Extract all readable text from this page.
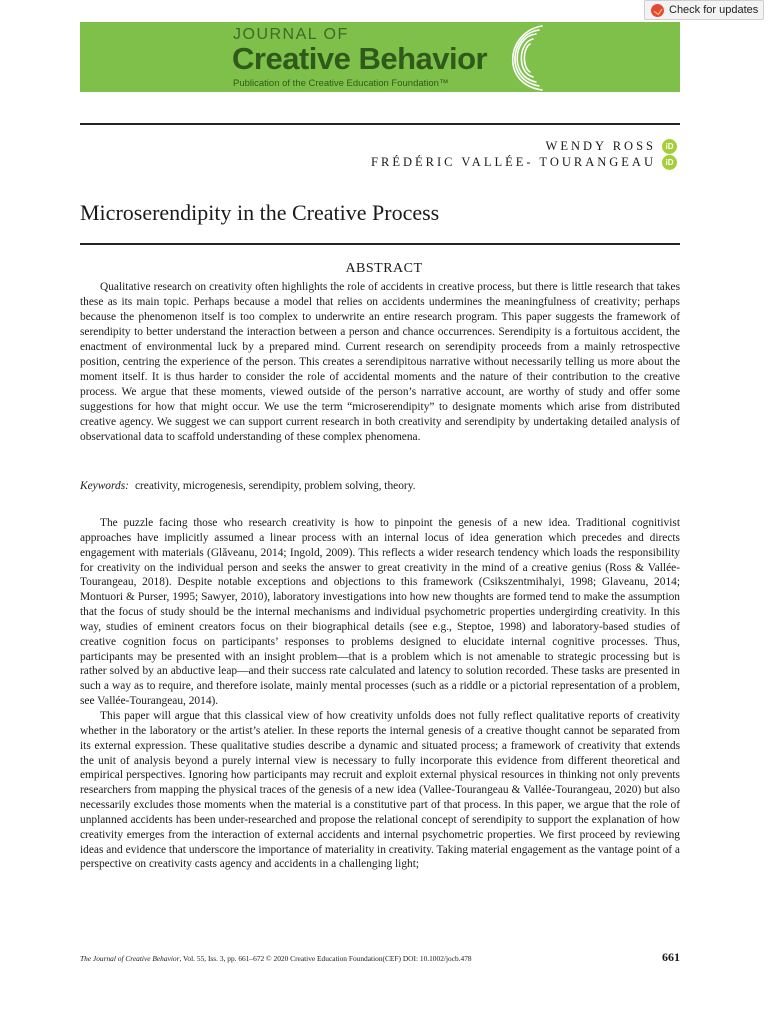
JOURNAL OF
Creative Behavior
Publication of the Creative Education Foundation™
Check for updates
WENDY ROSS	iD
FRÉDÉRIC VALLÉE- TOURANGEAU	iD
Microserendipity in the Creative Process
ABSTRACT

Qualitative research on creativity often highlights the role of accidents in creative process, but there is little research that takes these as its main topic. Perhaps because a model that relies on accidents undermines the meaningfulness of creativity; perhaps because the phenomenon itself is too complex to underwrite an entire research program. This paper suggests the framework of serendipity to better understand the interaction between a person and chance occurrences. Serendipity is a fortuitous accident, the enactment of environmental luck by a prepared mind. Current research on serendipity proceeds from a mainly retrospective position, centring the experience of the person. This creates a serendipitous narrative without necessarily telling us more about the moment itself. It is thus harder to consider the role of accidental moments and the nature of their contribution to the creative process. We argue that these moments, viewed outside of the person’s narrative account, are worthy of study and offer some suggestions for how that might occur. We use the term “microserendipity” to designate moments which arise from distributed creative agency. We suggest we can support current research in both creativity and serendipity by undertaking detailed analysis of observational data to scaffold understanding of these complex phenomena.

Keywords: creativity, microgenesis, serendipity, problem solving, theory.

The puzzle facing those who research creativity is how to pinpoint the genesis of a new idea. Traditional cognitivist approaches have implicitly assumed a linear process with an internal locus of idea generation which precedes and directs engagement with materials (Glăveanu, 2014; Ingold, 2009). This reflects a wider research tendency which loads the responsibility for creativity on the individual person and seeks the answer to great creativity in the mind of a creative genius (Ross & Vallée-Tourangeau, 2018). Despite notable exceptions and objections to this framework (Csikszentmihalyi, 1998; Glaveanu, 2014; Montuori & Purser, 1995; Sawyer, 2010), laboratory investigations into how new thoughts are formed tend to make the assumption that the focus of study should be the internal mechanisms and individual psychometric properties undergirding creativity. In this way, studies of eminent creators focus on their biographical details (see e.g., Steptoe, 1998) and laboratory-based studies of creative cognition focus on participants’ responses to problems designed to elucidate internal cognitive processes. Thus, participants may be presented with an insight problem—that is a problem which is not amenable to strategic processing but is rather solved by an abductive leap—and their success rate calculated and latency to solution recorded. These tasks are presented in such a way as to require, and therefore isolate, mainly mental processes (such as a riddle or a pictorial representation of a problem, see Vallée-Tourangeau, 2014).

This paper will argue that this classical view of how creativity unfolds does not fully reflect qualitative reports of creativity whether in the laboratory or the artist’s atelier. In these reports the internal genesis of a creative thought cannot be separated from its external expression. These qualitative studies describe a dynamic and situated process; a framework of creativity that extends the unit of analysis beyond a purely internal view is necessary to fully incorporate this evidence from different theoretical and empirical perspectives. Ignoring how participants may recruit and exploit external physical resources in thinking not only prevents researchers from mapping the physical traces of the genesis of a new idea (Vallee-Tourangeau & Vallée-Tourangeau, 2020) but also necessarily excludes those moments when the material is a constitutive part of that process. In this paper, we argue that the role of unplanned accidents has been under-researched and propose the relational concept of serendipity to support the explanation of how creativity emerges from the interaction of external accidents and internal psychometric properties. We first proceed by reviewing ideas and evidence that underscore the importance of materiality in creativity. Taking material engagement as the vantage point of a perspective on creativity casts agency and accidents in a challenging light;

The Journal of Creative Behavior, Vol. 55, Iss. 3, pp. 661–672 © 2020 Creative Education Foundation(CEF) DOI: 10.1002/jocb.478	661
